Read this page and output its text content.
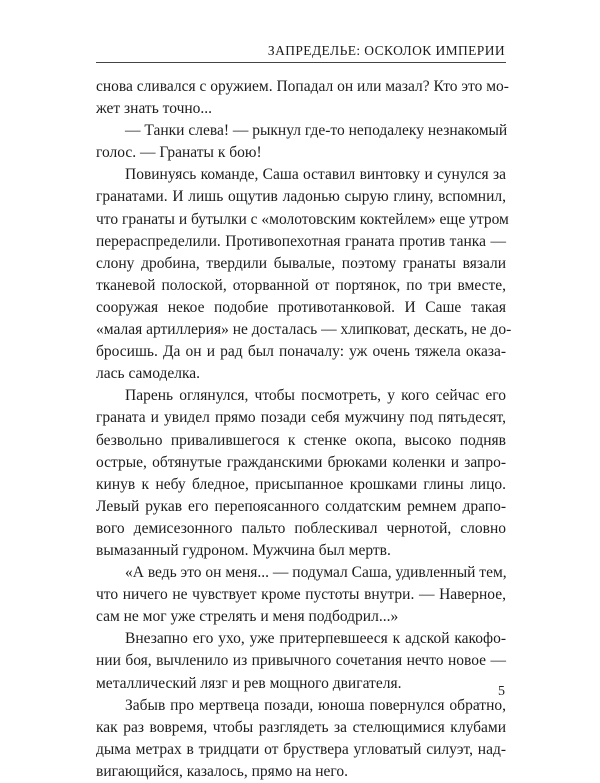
ЗАПРЕДЕЛЬЕ: ОСКОЛОК ИМПЕРИИ

снова сливался с оружием. Попадал он или мазал? Кто это мо-
жет знать точно...

— Танки слева! — рыкнул где-то неподалеку незнакомый
голос. — Гранаты к бою!

Повинуясь команде, Саша оставил винтовку и сунулся за
гранатами. И лишь ощутив ладонью сырую глину, вспомнил,
что гранаты и бутылки с «молотовским коктейлем» еще утром
перераспределили. Противопехотная граната против танка —
слону дробина, твердили бывалые, поэтому гранаты вязали
тканевой полоской, оторванной от портянок, по три вместе,
сооружая некое подобие противотанковой. И Саше такая
«малая артиллерия» не досталась — хлипковат, дескать, не до-
бросишь. Да он и рад был поначалу: уж очень тяжела оказа-
лась самоделка.

Парень оглянулся, чтобы посмотреть, у кого сейчас его
граната и увидел прямо позади себя мужчину под пятьдесят,
безвольно привалившегося к стенке окопа, высоко подняв
острые, обтянутые гражданскими брюками коленки и запро-
кинув к небу бледное, присыпанное крошками глины лицо.
Левый рукав его перепоясанного солдатским ремнем драпо-
вого демисезонного пальто поблескивал чернотой, словно
вымазанный гудроном. Мужчина был мертв.

«А ведь это он меня... — подумал Саша, удивленный тем,
что ничего не чувствует кроме пустоты внутри. — Наверное,
сам не мог уже стрелять и меня подбодрил...»

Внезапно его ухо, уже притерпевшееся к адской какофо-
нии боя, вычленило из привычного сочетания нечто новое —
металлический лязг и рев мощного двигателя.

Забыв про мертвеца позади, юноша повернулся обратно,
как раз вовремя, чтобы разглядеть за стелющимися клубами
дыма метрах в тридцати от бруствера угловатый силуэт, над-
вигающийся, казалось, прямо на него.

5
